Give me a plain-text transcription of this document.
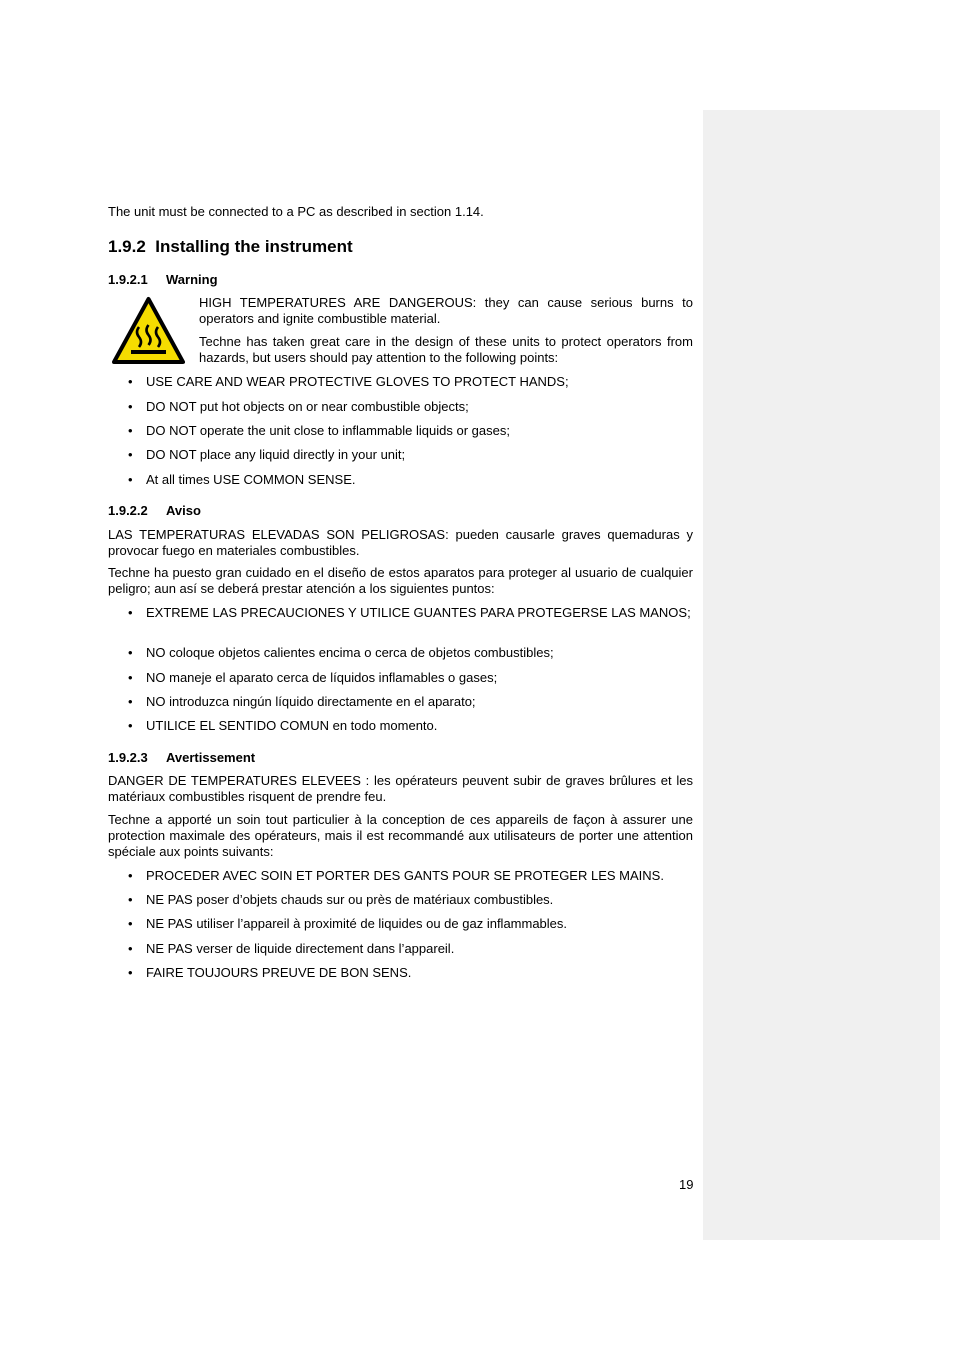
The unit must be connected to a PC as described in section 1.14.

1.9.2 Installing the instrument
1.9.2.1 Warning

HIGH TEMPERATURES ARE DANGEROUS: they can cause serious burns to operators and ignite combustible material.

Techne has taken great care in the design of these units to protect operators from hazards, but users should pay attention to the following points:

• USE CARE AND WEAR PROTECTIVE GLOVES TO PROTECT HANDS;
• DO NOT put hot objects on or near combustible objects;
• DO NOT operate the unit close to inflammable liquids or gases;
• DO NOT place any liquid directly in your unit;
• At all times USE COMMON SENSE.
1.9.2.2 Aviso

LAS TEMPERATURAS ELEVADAS SON PELIGROSAS: pueden causarle graves quemaduras y provocar fuego en materiales combustibles.

Techne ha puesto gran cuidado en el diseño de estos aparatos para proteger al usuario de cualquier peligro; aun así se deberá prestar atención a los siguientes puntos:

• EXTREME LAS PRECAUCIONES Y UTILICE GUANTES PARA PROTEGERSE LAS MANOS;
• NO coloque objetos calientes encima o cerca de objetos combustibles;
• NO maneje el aparato cerca de líquidos inflamables o gases;
• NO introduzca ningún líquido directamente en el aparato;
• UTILICE EL SENTIDO COMUN en todo momento.
1.9.2.3 Avertissement

DANGER DE TEMPERATURES ELEVEES : les opérateurs peuvent subir de graves brûlures et les matériaux combustibles risquent de prendre feu.

Techne a apporté un soin tout particulier à la conception de ces appareils de façon à assurer une protection maximale des opérateurs, mais il est recommandé aux utilisateurs de porter une attention spéciale aux points suivants:

• PROCEDER AVEC SOIN ET PORTER DES GANTS POUR SE PROTEGER LES MAINS.
• NE PAS poser d’objets chauds sur ou près de matériaux combustibles.
• NE PAS utiliser l’appareil à proximité de liquides ou de gaz inflammables.
• NE PAS verser de liquide directement dans l’appareil.
• FAIRE TOUJOURS PREUVE DE BON SENS.
19
